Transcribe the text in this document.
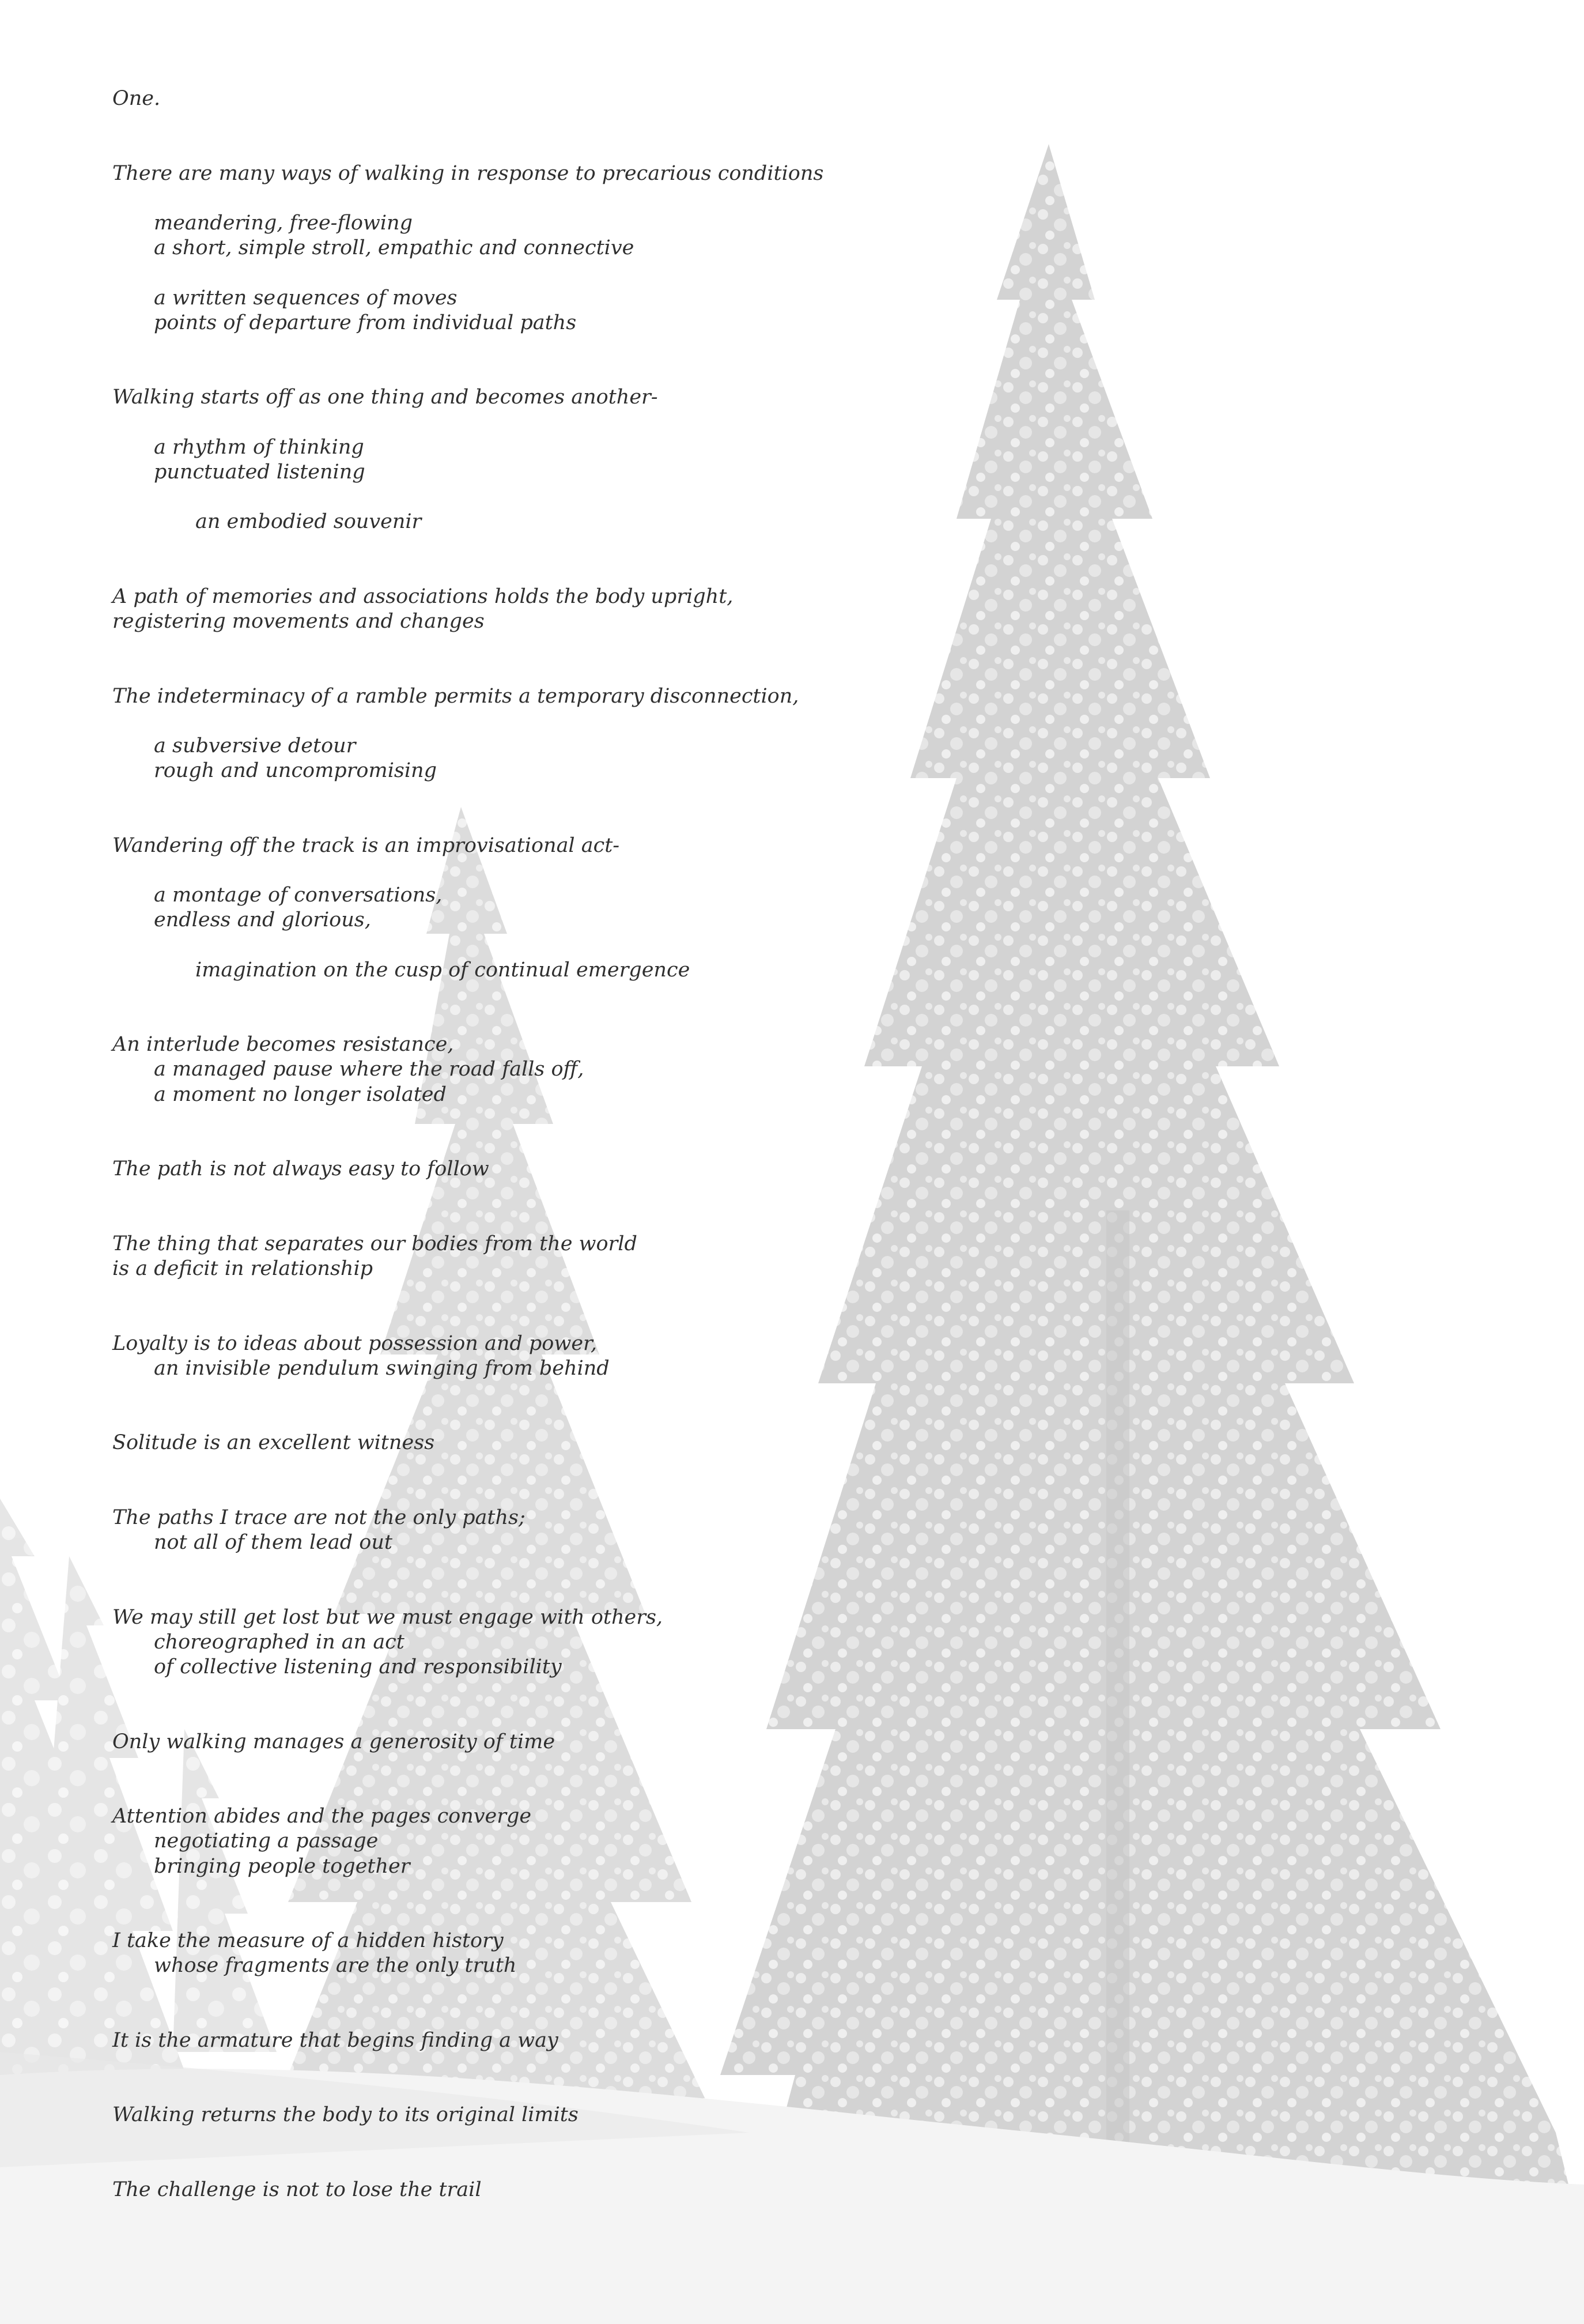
One.
There are many ways of walking in response to precarious conditions
meandering, free-flowing
a short, simple stroll, empathic and connective
a written sequences of moves
points of departure from individual paths
Walking starts off as one thing and becomes another-
a rhythm of thinking
punctuated listening
an embodied souvenir
A path of memories and associations holds the body upright,
registering movements and changes
The indeterminacy of a ramble permits a temporary disconnection,
a subversive detour
rough and uncompromising
Wandering off the track is an improvisational act-
a montage of conversations,
endless and glorious,
imagination on the cusp of continual emergence
An interlude becomes resistance,
a managed pause where the road falls off,
a moment no longer isolated
The path is not always easy to follow
The thing that separates our bodies from the world
is a deficit in relationship
Loyalty is to ideas about possession and power,
an invisible pendulum swinging from behind
Solitude is an excellent witness
The paths I trace are not the only paths;
not all of them lead out
We may still get lost but we must engage with others,
choreographed in an act
of collective listening and responsibility
Only walking manages a generosity of time
Attention abides and the pages converge
negotiating a passage
bringing people together
I take the measure of a hidden history
whose fragments are the only truth
It is the armature that begins finding a way
Walking returns the body to its original limits
The challenge is not to lose the trail
